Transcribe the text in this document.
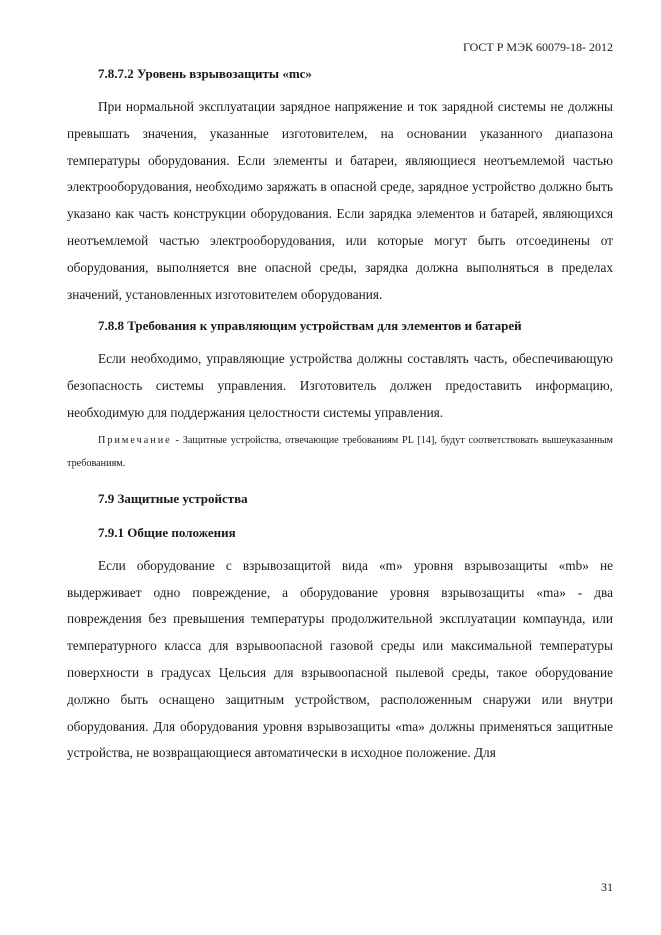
ГОСТ Р МЭК 60079-18- 2012
7.8.7.2 Уровень взрывозащиты «mc»

При нормальной эксплуатации зарядное напряжение и ток зарядной системы не должны превышать значения, указанные изготовителем, на основании указанного диапазона температуры оборудования. Если элементы и батареи, являющиеся неотъемлемой частью электрооборудования, необходимо заряжать в опасной среде, зарядное устройство должно быть указано как часть конструкции оборудования. Если зарядка элементов и батарей, являющихся неотъемлемой частью электрооборудования, или которые могут быть отсоединены от оборудования, выполняется вне опасной среды, зарядка должна выполняться в пределах значений, установленных изготовителем оборудования.

7.8.8 Требования к управляющим устройствам для элементов и батарей

Если необходимо, управляющие устройства должны составлять часть, обеспечивающую безопасность системы управления. Изготовитель должен предоставить информацию, необходимую для поддержания целостности системы управления.

Примечание - Защитные устройства, отвечающие требованиям PL [14], будут соответствовать вышеуказанным требованиям.

7.9 Защитные устройства
7.9.1 Общие положения

Если оборудование с взрывозащитой вида «m» уровня взрывозащиты «mb» не выдерживает одно повреждение, а оборудование уровня взрывозащиты «ma» - два повреждения без превышения температуры продолжительной эксплуатации компаунда, или температурного класса для взрывоопасной газовой среды или максимальной температуры поверхности в градусах Цельсия для взрывоопасной пылевой среды, такое оборудование должно быть оснащено защитным устройством, расположенным снаружи или внутри оборудования. Для оборудования уровня взрывозащиты «ma» должны применяться защитные устройства, не возвращающиеся автоматически в исходное положение. Для

31
